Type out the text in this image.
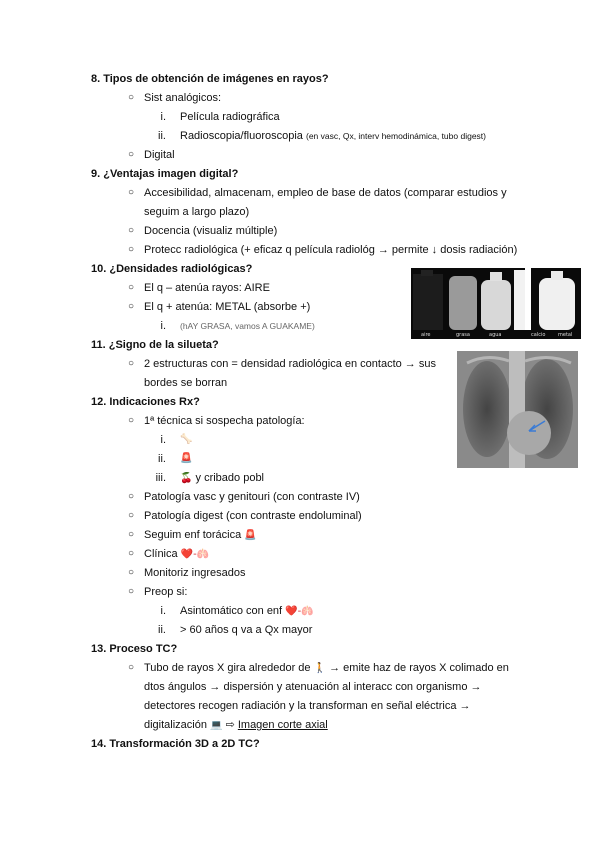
8. Tipos de obtención de imágenes en rayos?
○ Sist analógicos:
i. Película radiográfica
ii. Radioscopia/fluoroscopia (en vasc, Qx, interv hemodinámica, tubo digest)
○ Digital
9. ¿Ventajas imagen digital?
○ Accesibilidad, almacenam, empleo de base de datos (comparar estudios y
seguim a largo plazo)
○ Docencia (visualiz múltiple)
○ Protecc radiológica (+ eficaz q película radiológ → permite ↓ dosis radiación)
10. ¿Densidades radiológicas?
○ El q – atenúa rayos: AIRE
○ El q + atenúa: METAL (absorbe +)
i. (hAY GRASA, vamos A GUAKAME)
aire	grasa	agua	calcio	metal
11. ¿Signo de la silueta?
○ 2 estructuras con = densidad radiológica en contacto → sus
bordes se borran
12. Indicaciones Rx?
○ 1ª técnica si sospecha patología:
i. 🦴
ii. 🚨
iii. 🍒 y cribado pobl
○ Patología vasc y genitouri (con contraste IV)
○ Patología digest (con contraste endoluminal)
○ Seguim enf torácica 🚨
○ Clínica ❤️-🫁
○ Monitoriz ingresados
○ Preop si:
i. Asintomático con enf ❤️-🫁
ii. > 60 años q va a Qx mayor
13. Proceso TC?
○ Tubo de rayos X gira alrededor de 🚶 → emite haz de rayos X colimado en
dtos ángulos → dispersión y atenuación al interacc con organismo →
detectores recogen radiación y la transforman en señal eléctrica →
digitalización 💻 ⇨ Imagen corte axial
14. Transformación 3D a 2D TC?
